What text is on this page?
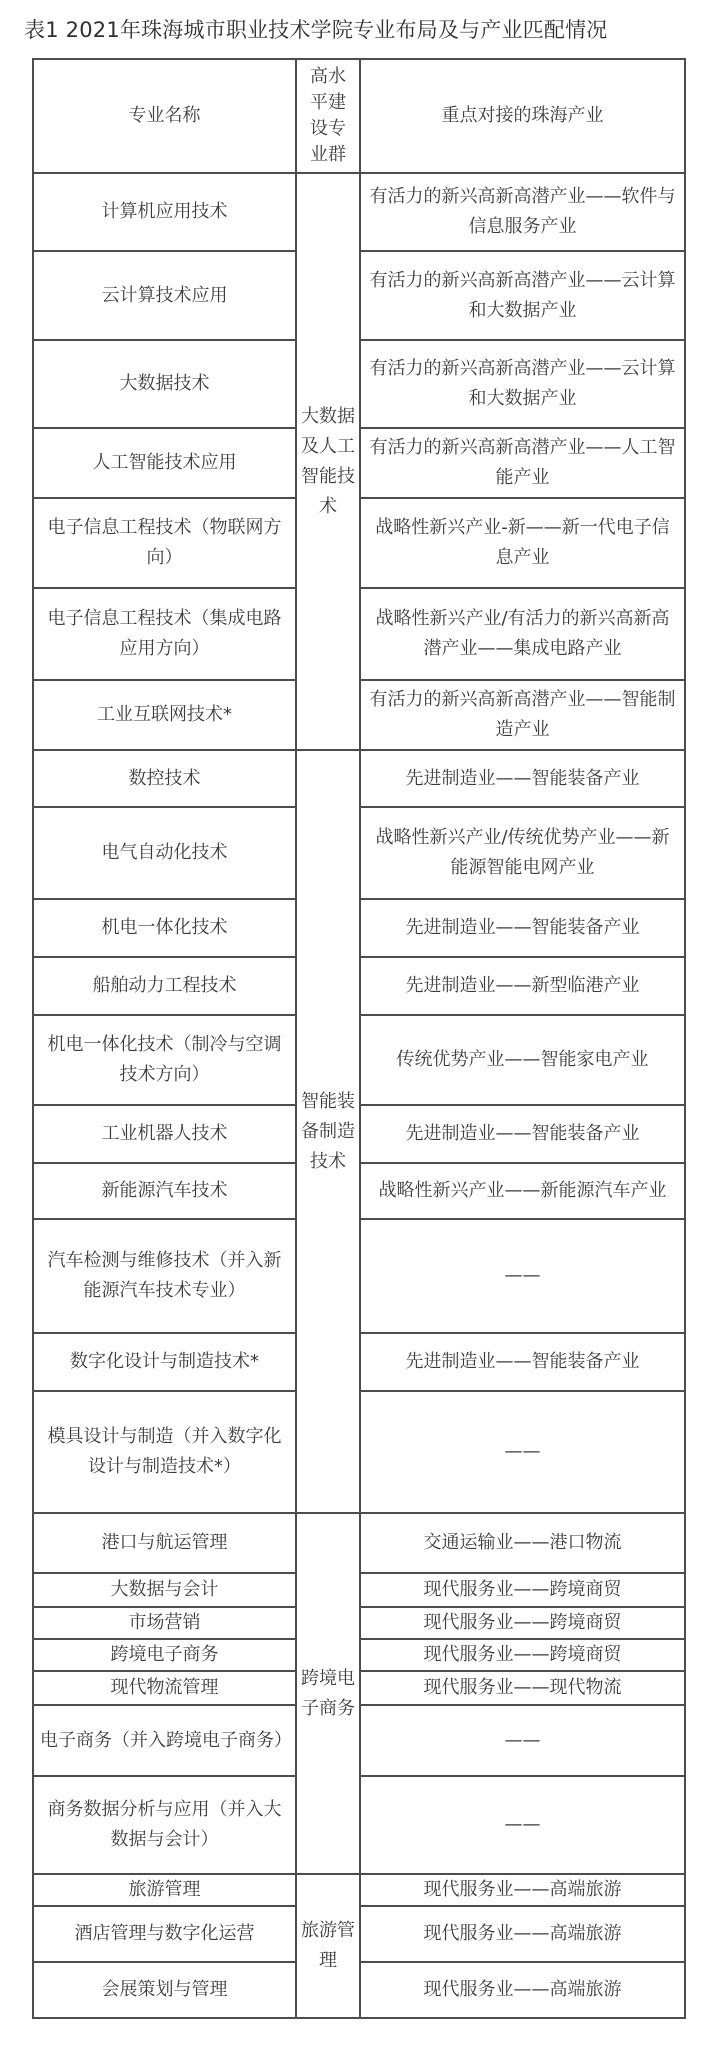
表1 2021年珠海城市职业技术学院专业布局及与产业匹配情况
专业名称	高水平建设专业群	重点对接的珠海产业
计算机应用技术	大数据及人工智能技术	有活力的新兴高新高潜产业——软件与信息服务产业
云计算技术应用		有活力的新兴高新高潜产业——云计算和大数据产业
大数据技术		有活力的新兴高新高潜产业——云计算和大数据产业
人工智能技术应用		有活力的新兴高新高潜产业——人工智能产业
电子信息工程技术（物联网方向）		战略性新兴产业-新——新一代电子信息产业
电子信息工程技术（集成电路应用方向）		战略性新兴产业/有活力的新兴高新高潜产业——集成电路产业
工业互联网技术*		有活力的新兴高新高潜产业——智能制造产业
数控技术	智能装备制造技术	先进制造业——智能装备产业
电气自动化技术		战略性新兴产业/传统优势产业——新能源智能电网产业
机电一体化技术		先进制造业——智能装备产业
船舶动力工程技术		先进制造业——新型临港产业
机电一体化技术（制冷与空调技术方向）		传统优势产业——智能家电产业
工业机器人技术		先进制造业——智能装备产业
新能源汽车技术		战略性新兴产业——新能源汽车产业
汽车检测与维修技术（并入新能源汽车技术专业）		——
数字化设计与制造技术*		先进制造业——智能装备产业
模具设计与制造（并入数字化设计与制造技术*）		——
港口与航运管理	跨境电子商务	交通运输业——港口物流
大数据与会计		现代服务业——跨境商贸
市场营销		现代服务业——跨境商贸
跨境电子商务		现代服务业——跨境商贸
现代物流管理		现代服务业——现代物流
电子商务（并入跨境电子商务）		——
商务数据分析与应用（并入大数据与会计）		——
旅游管理	旅游管理	现代服务业——高端旅游
酒店管理与数字化运营		现代服务业——高端旅游
会展策划与管理		现代服务业——高端旅游
